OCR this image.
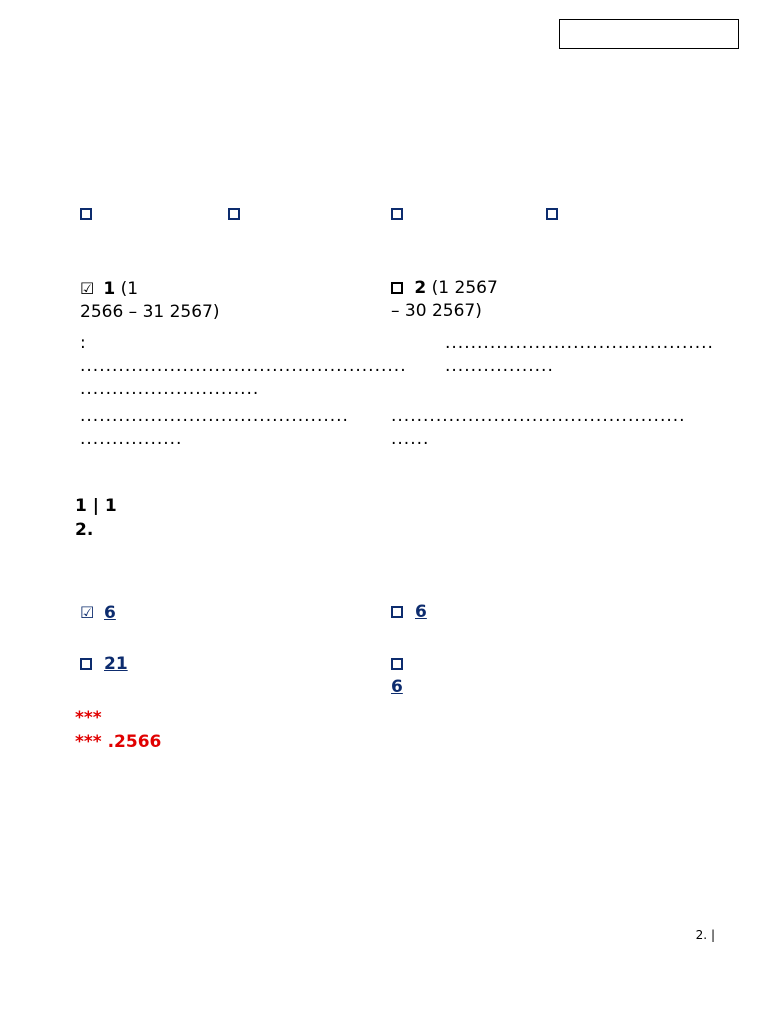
☑ 1 (1
2566 – 31 2567)
2 (1 2567
– 30 2567)
:
...................................................
............................
..........................................
.................
..........................................
................
..............................................
......
1 | 1
2.
☑ 6	6

21

6
***
*** .2566
2. |
